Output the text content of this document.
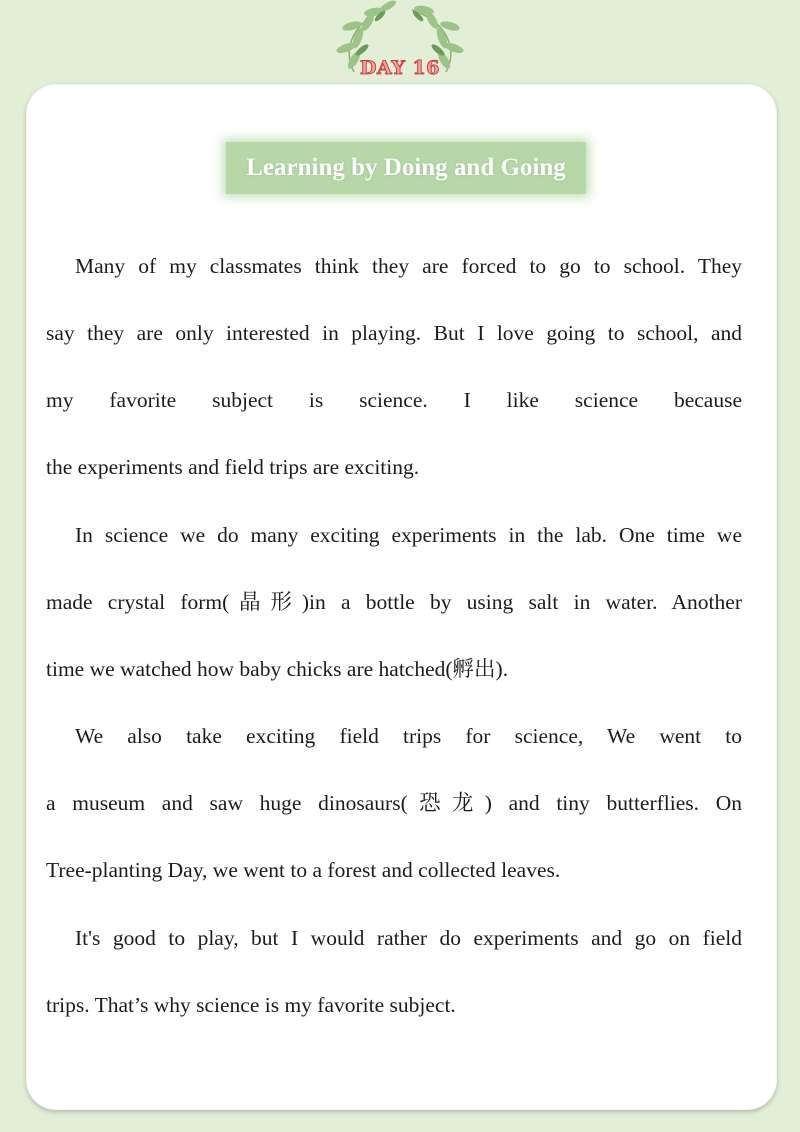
DAY 16
Learning by Doing and Going
Many of my classmates think they are forced to go to school. They
say they are only interested in playing. But I love going to school, and
my favorite subject is science. I like science because
the experiments and field trips are exciting.
In science we do many exciting experiments in the lab. One time we
made crystal form(晶形)in a bottle by using salt in water. Another
time we watched how baby chicks are hatched(孵出).
We also take exciting field trips for science, We went to
a museum and saw huge dinosaurs(恐龙) and tiny butterflies. On
Tree-planting Day, we went to a forest and collected leaves.
It's good to play, but I would rather do experiments and go on field
trips. That’s why science is my favorite subject.
